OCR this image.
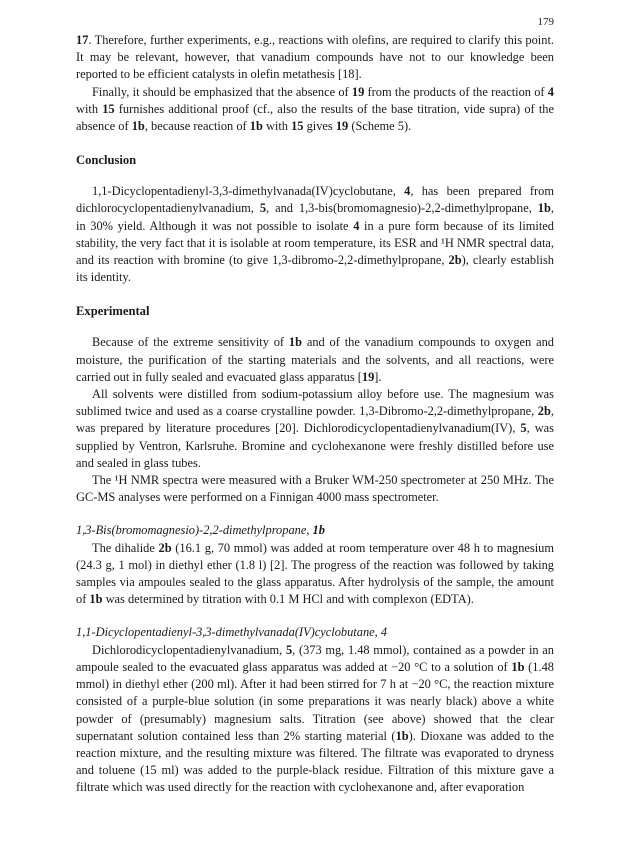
179

17. Therefore, further experiments, e.g., reactions with olefins, are required to clarify this point. It may be relevant, however, that vanadium compounds have not to our knowledge been reported to be efficient catalysts in olefin metathesis [18].

Finally, it should be emphasized that the absence of 19 from the products of the reaction of 4 with 15 furnishes additional proof (cf., also the results of the base titration, vide supra) of the absence of 1b, because reaction of 1b with 15 gives 19 (Scheme 5).

Conclusion

1,1-Dicyclopentadienyl-3,3-dimethylvanada(IV)cyclobutane, 4, has been prepared from dichlorocyclopentadienylvanadium, 5, and 1,3-bis(bromomagnesio)-2,2-dimethylpropane, 1b, in 30% yield. Although it was not possible to isolate 4 in a pure form because of its limited stability, the very fact that it is isolable at room temperature, its ESR and ¹H NMR spectral data, and its reaction with bromine (to give 1,3-dibromo-2,2-dimethylpropane, 2b), clearly establish its identity.

Experimental

Because of the extreme sensitivity of 1b and of the vanadium compounds to oxygen and moisture, the purification of the starting materials and the solvents, and all reactions, were carried out in fully sealed and evacuated glass apparatus [19].

All solvents were distilled from sodium-potassium alloy before use. The magnesium was sublimed twice and used as a coarse crystalline powder. 1,3-Dibromo-2,2-dimethylpropane, 2b, was prepared by literature procedures [20]. Dichlorodicyclopentadienylvanadium(IV), 5, was supplied by Ventron, Karlsruhe. Bromine and cyclohexanone were freshly distilled before use and sealed in glass tubes.

The ¹H NMR spectra were measured with a Bruker WM-250 spectrometer at 250 MHz. The GC-MS analyses were performed on a Finnigan 4000 mass spectrometer.

1,3-Bis(bromomagnesio)-2,2-dimethylpropane, 1b

The dihalide 2b (16.1 g, 70 mmol) was added at room temperature over 48 h to magnesium (24.3 g, 1 mol) in diethyl ether (1.8 l) [2]. The progress of the reaction was followed by taking samples via ampoules sealed to the glass apparatus. After hydrolysis of the sample, the amount of 1b was determined by titration with 0.1 M HCl and with complexon (EDTA).

1,1-Dicyclopentadienyl-3,3-dimethylvanada(IV)cyclobutane, 4

Dichlorodicyclopentadienylvanadium, 5, (373 mg, 1.48 mmol), contained as a powder in an ampoule sealed to the evacuated glass apparatus was added at −20 °C to a solution of 1b (1.48 mmol) in diethyl ether (200 ml). After it had been stirred for 7 h at −20 °C, the reaction mixture consisted of a purple-blue solution (in some preparations it was nearly black) above a white powder of (presumably) magnesium salts. Titration (see above) showed that the clear supernatant solution contained less than 2% starting material (1b). Dioxane was added to the reaction mixture, and the resulting mixture was filtered. The filtrate was evaporated to dryness and toluene (15 ml) was added to the purple-black residue. Filtration of this mixture gave a filtrate which was used directly for the reaction with cyclohexanone and, after evaporation
